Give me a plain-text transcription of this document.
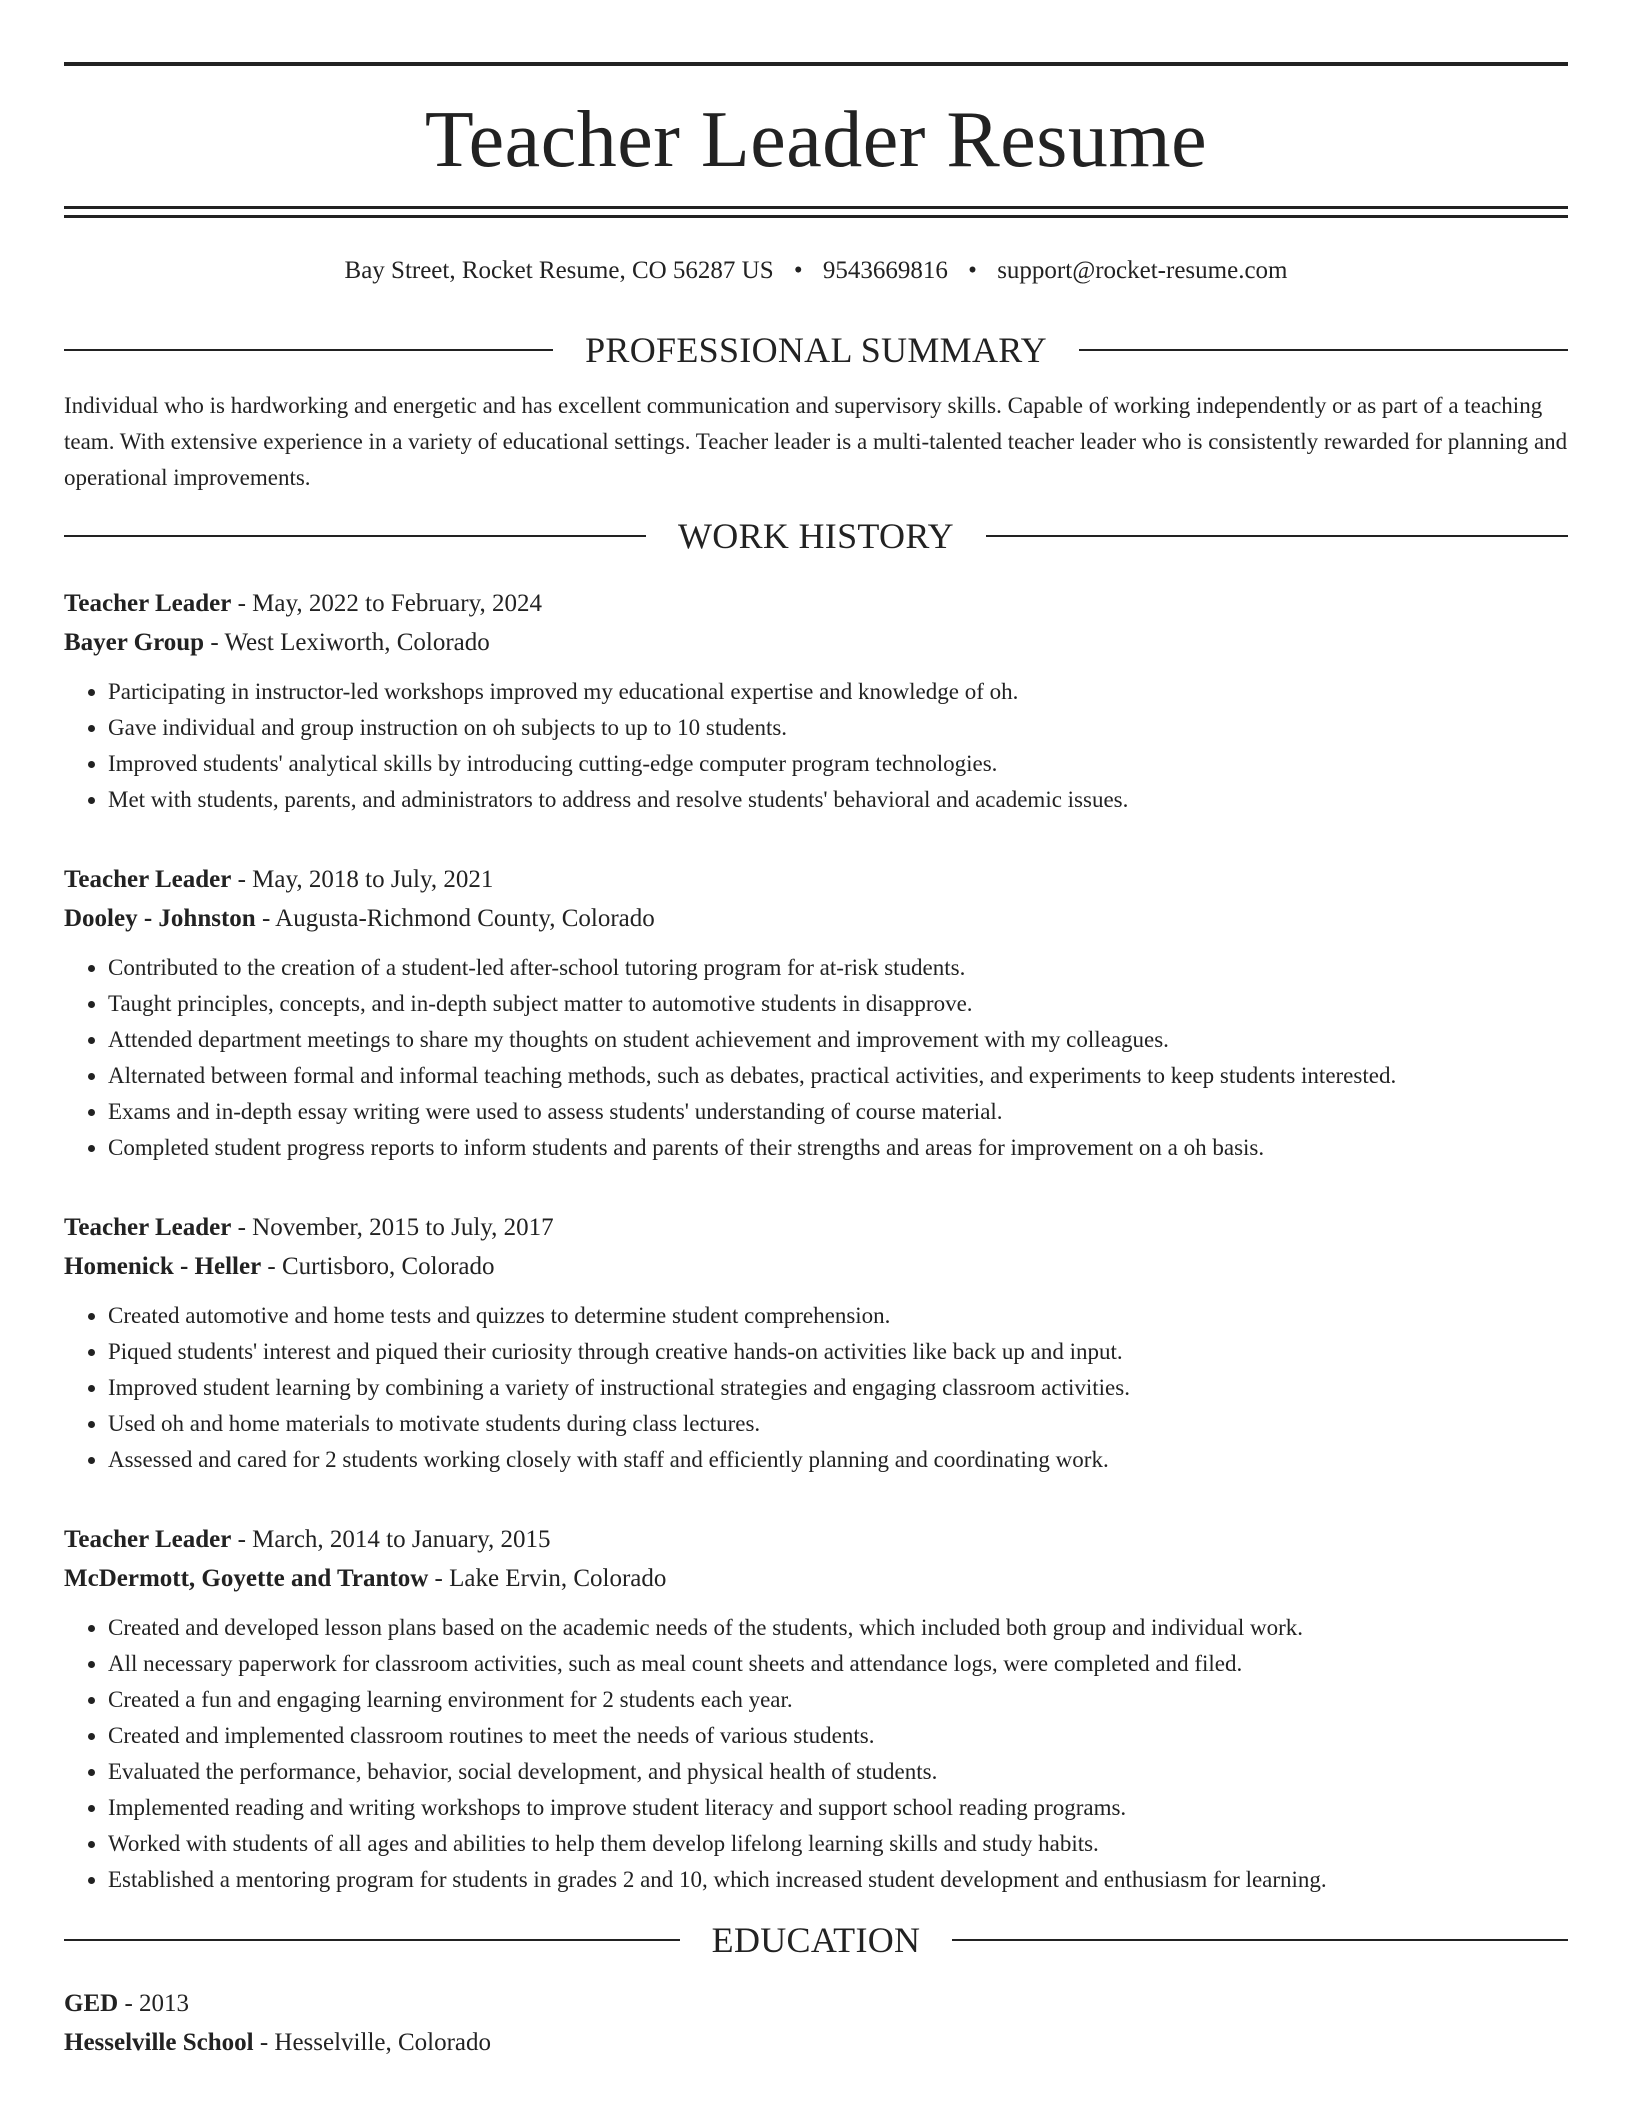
Teacher Leader Resume
Bay Street, Rocket Resume, CO 56287 US • 9543669816 • support@rocket-resume.com
PROFESSIONAL SUMMARY
Individual who is hardworking and energetic and has excellent communication and supervisory skills. Capable of working independently or as part of a teaching team. With extensive experience in a variety of educational settings. Teacher leader is a multi-talented teacher leader who is consistently rewarded for planning and operational improvements.
WORK HISTORY
Teacher Leader - May, 2022 to February, 2024
Bayer Group - West Lexiworth, Colorado
• Participating in instructor-led workshops improved my educational expertise and knowledge of oh.
• Gave individual and group instruction on oh subjects to up to 10 students.
• Improved students' analytical skills by introducing cutting-edge computer program technologies.
• Met with students, parents, and administrators to address and resolve students' behavioral and academic issues.
Teacher Leader - May, 2018 to July, 2021
Dooley - Johnston - Augusta-Richmond County, Colorado
• Contributed to the creation of a student-led after-school tutoring program for at-risk students.
• Taught principles, concepts, and in-depth subject matter to automotive students in disapprove.
• Attended department meetings to share my thoughts on student achievement and improvement with my colleagues.
• Alternated between formal and informal teaching methods, such as debates, practical activities, and experiments to keep students interested.
• Exams and in-depth essay writing were used to assess students' understanding of course material.
• Completed student progress reports to inform students and parents of their strengths and areas for improvement on a oh basis.
Teacher Leader - November, 2015 to July, 2017
Homenick - Heller - Curtisboro, Colorado
• Created automotive and home tests and quizzes to determine student comprehension.
• Piqued students' interest and piqued their curiosity through creative hands-on activities like back up and input.
• Improved student learning by combining a variety of instructional strategies and engaging classroom activities.
• Used oh and home materials to motivate students during class lectures.
• Assessed and cared for 2 students working closely with staff and efficiently planning and coordinating work.
Teacher Leader - March, 2014 to January, 2015
McDermott, Goyette and Trantow - Lake Ervin, Colorado
• Created and developed lesson plans based on the academic needs of the students, which included both group and individual work.
• All necessary paperwork for classroom activities, such as meal count sheets and attendance logs, were completed and filed.
• Created a fun and engaging learning environment for 2 students each year.
• Created and implemented classroom routines to meet the needs of various students.
• Evaluated the performance, behavior, social development, and physical health of students.
• Implemented reading and writing workshops to improve student literacy and support school reading programs.
• Worked with students of all ages and abilities to help them develop lifelong learning skills and study habits.
• Established a mentoring program for students in grades 2 and 10, which increased student development and enthusiasm for learning.
EDUCATION
GED - 2013
Hesselville School - Hesselville, Colorado
